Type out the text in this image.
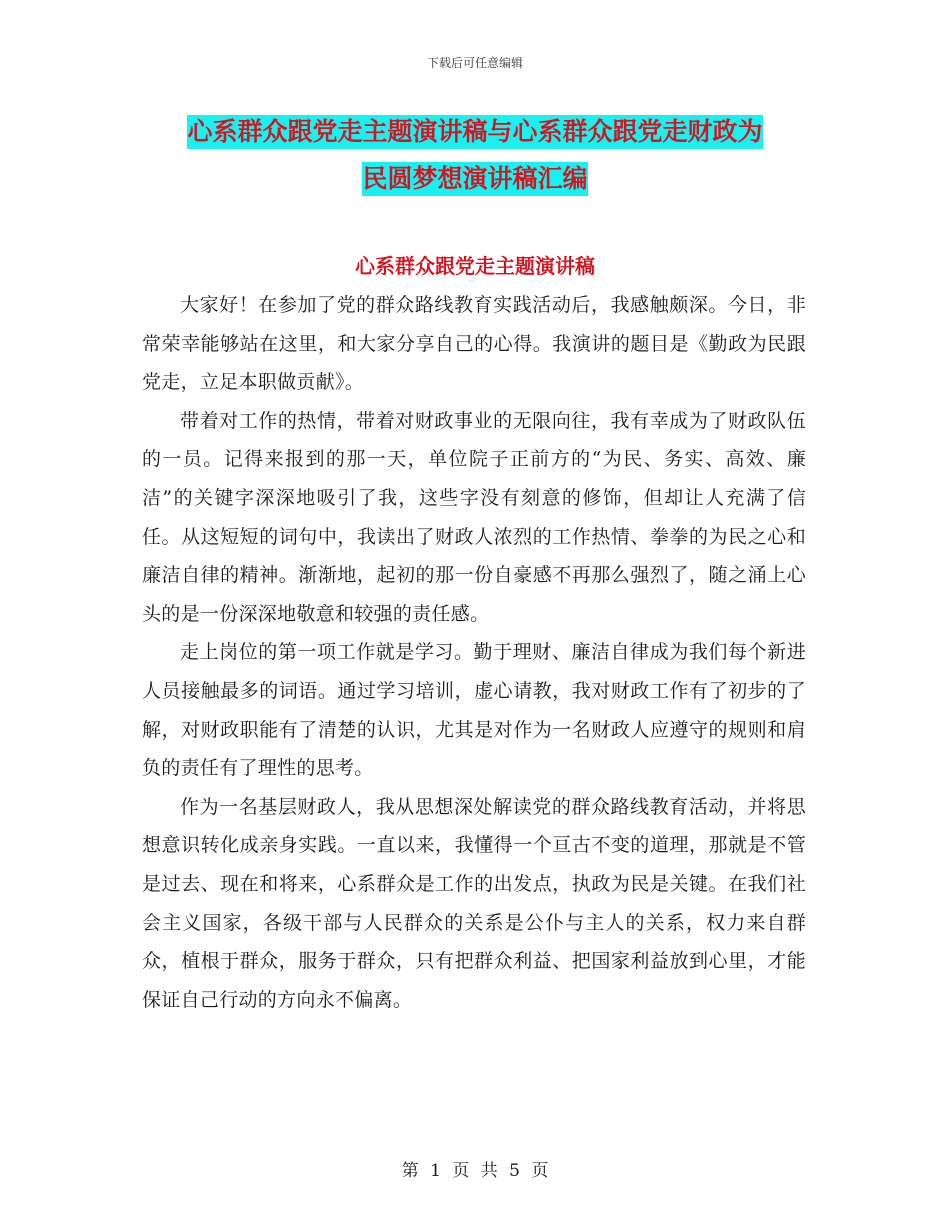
下载后可任意编辑
心系群众跟党走主题演讲稿与心系群众跟党走财政为
民圆梦想演讲稿汇编
心系群众跟党走主题演讲稿

大家好！在参加了党的群众路线教育实践活动后，我感触颇深。今日，非常荣幸能够站在这里，和大家分享自己的心得。我演讲的题目是《勤政为民跟党走，立足本职做贡献》。

带着对工作的热情，带着对财政事业的无限向往，我有幸成为了财政队伍的一员。记得来报到的那一天，单位院子正前方的“为民、务实、高效、廉洁”的关键字深深地吸引了我，这些字没有刻意的修饰，但却让人充满了信任。从这短短的词句中，我读出了财政人浓烈的工作热情、拳拳的为民之心和廉洁自律的精神。渐渐地，起初的那一份自豪感不再那么强烈了，随之涌上心头的是一份深深地敬意和较强的责任感。

走上岗位的第一项工作就是学习。勤于理财、廉洁自律成为我们每个新进人员接触最多的词语。通过学习培训，虚心请教，我对财政工作有了初步的了解，对财政职能有了清楚的认识，尤其是对作为一名财政人应遵守的规则和肩负的责任有了理性的思考。

作为一名基层财政人，我从思想深处解读党的群众路线教育活动，并将思想意识转化成亲身实践。一直以来，我懂得一个亘古不变的道理，那就是不管是过去、现在和将来，心系群众是工作的出发点，执政为民是关键。在我们社会主义国家，各级干部与人民群众的关系是公仆与主人的关系，权力来自群众，植根于群众，服务于群众，只有把群众利益、把国家利益放到心里，才能保证自己行动的方向永不偏离。

第 1 页 共 5 页
